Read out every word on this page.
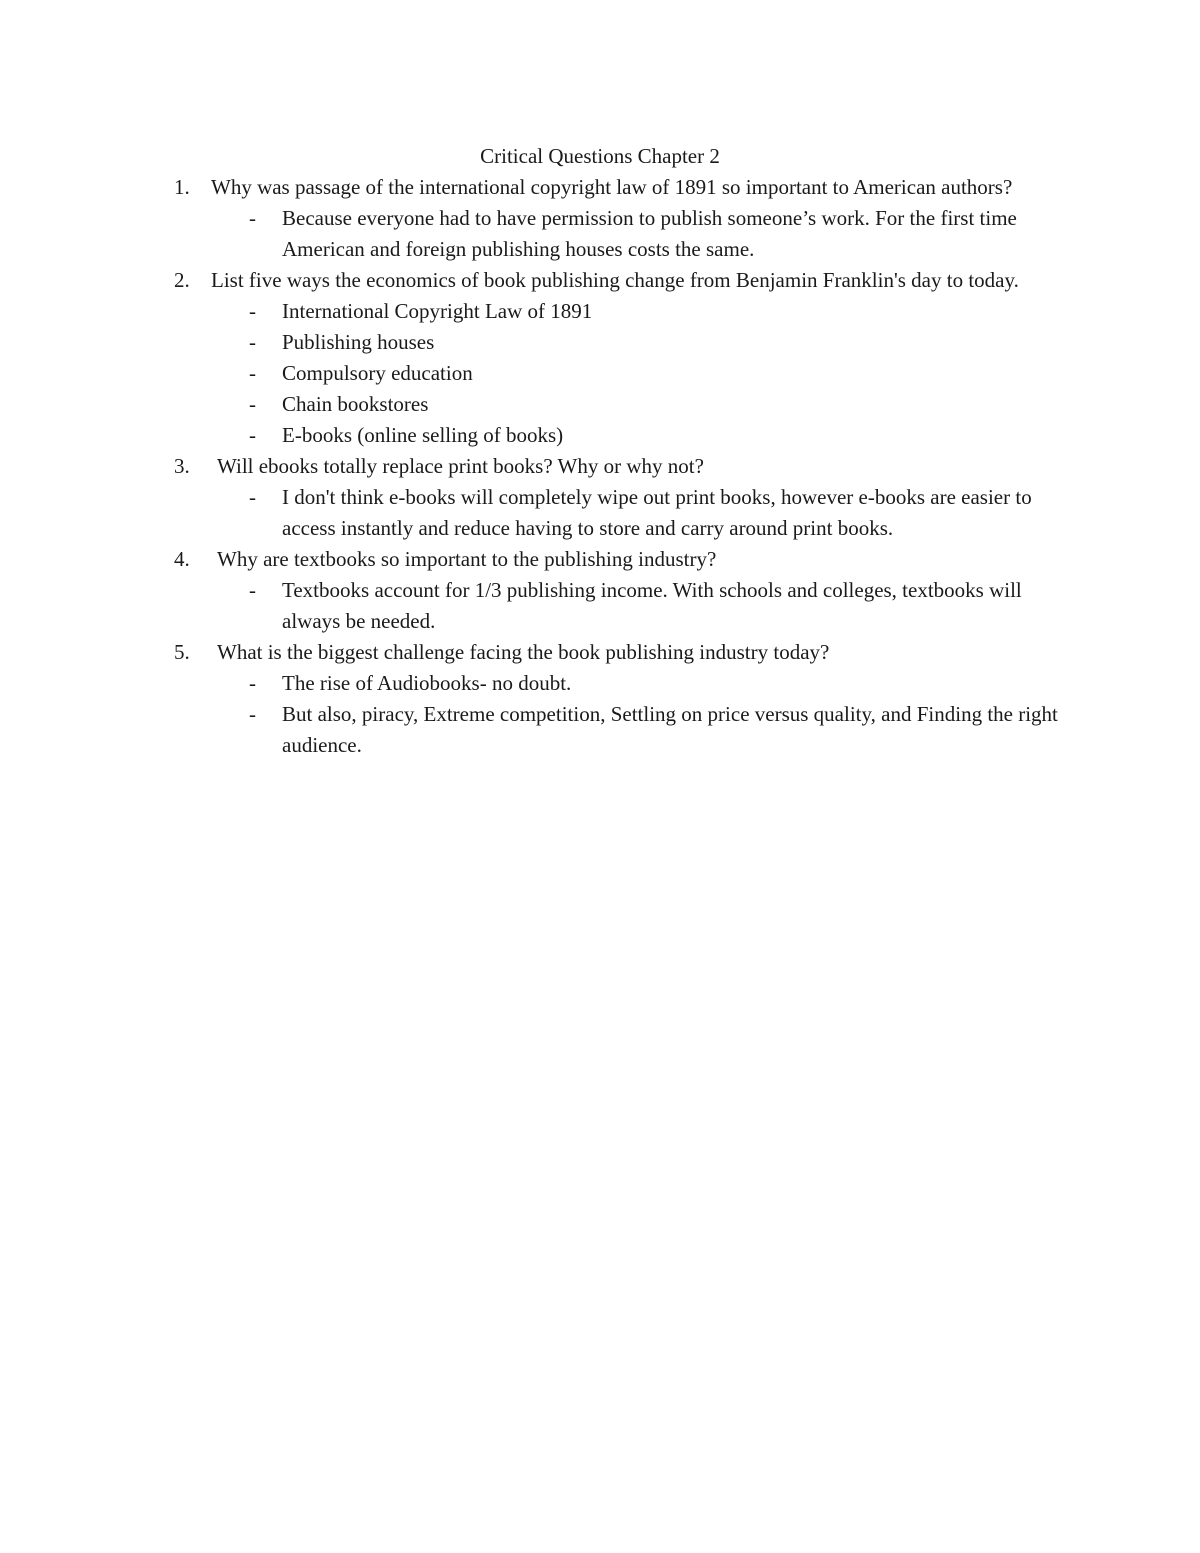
Critical Questions Chapter 2
1.	Why was passage of the international copyright law of 1891 so important to American authors?
- Because everyone had to have permission to publish someone’s work. For the first time American and foreign publishing houses costs the same.
2.	List five ways the economics of book publishing change from Benjamin Franklin's day to today.
- International Copyright Law of 1891
- Publishing houses
- Compulsory education
- Chain bookstores
- E-books (online selling of books)
3.	Will ebooks totally replace print books? Why or why not?
- I don't think e-books will completely wipe out print books, however e-books are easier to access instantly and reduce having to store and carry around print books.
4.	Why are textbooks so important to the publishing industry?
- Textbooks account for 1/3 publishing income. With schools and colleges, textbooks will always be needed.
5.	What is the biggest challenge facing the book publishing industry today?
- The rise of Audiobooks- no doubt.
- But also, piracy, Extreme competition, Settling on price versus quality, and Finding the right audience.
